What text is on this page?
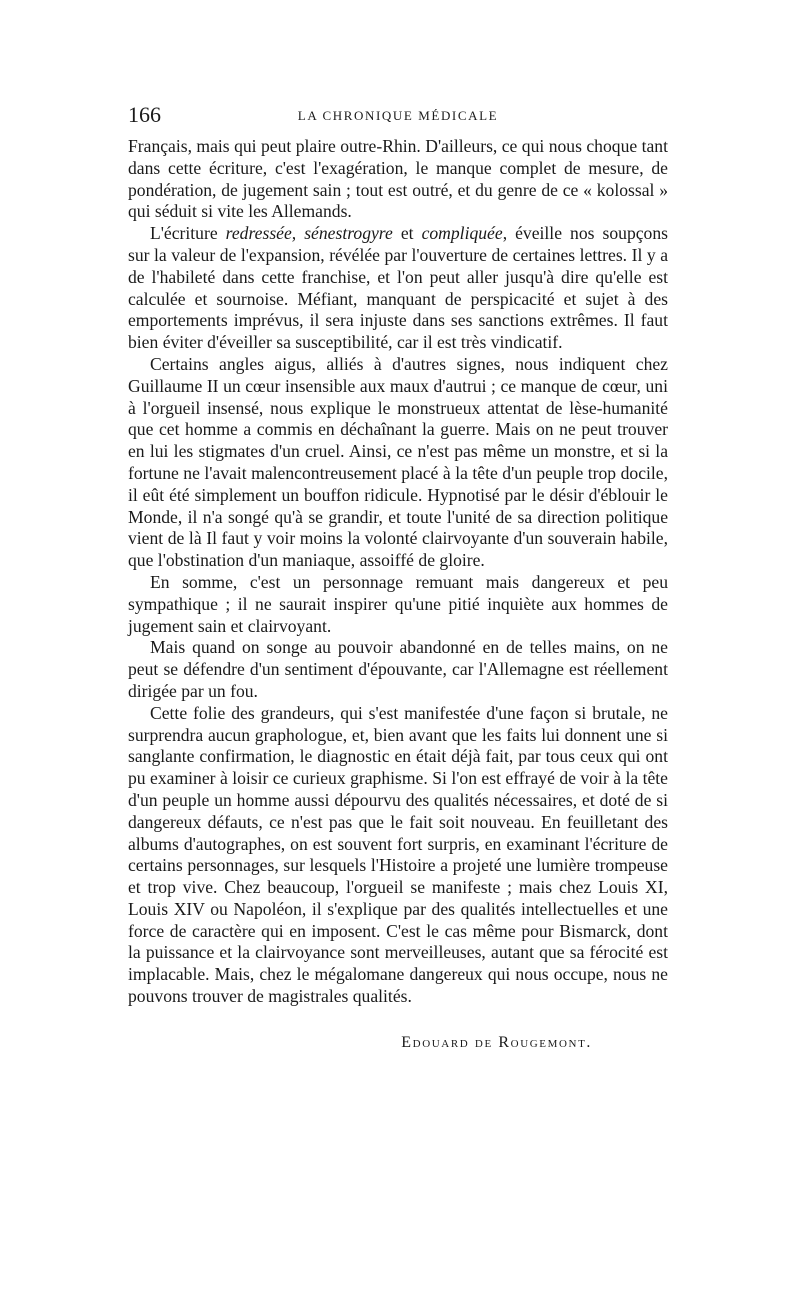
166	LA CHRONIQUE MÉDICALE

Français, mais qui peut plaire outre-Rhin. D'ailleurs, ce qui nous choque tant dans cette écriture, c'est l'exagération, le manque complet de mesure, de pondération, de jugement sain ; tout est outré, et du genre de ce « kolossal » qui séduit si vite les Allemands.

L'écriture redressée, sénestrogyre et compliquée, éveille nos soupçons sur la valeur de l'expansion, révélée par l'ouverture de certaines lettres. Il y a de l'habileté dans cette franchise, et l'on peut aller jusqu'à dire qu'elle est calculée et sournoise. Méfiant, manquant de perspicacité et sujet à des emportements imprévus, il sera injuste dans ses sanctions extrêmes. Il faut bien éviter d'éveiller sa susceptibilité, car il est très vindicatif.

Certains angles aigus, alliés à d'autres signes, nous indiquent chez Guillaume II un cœur insensible aux maux d'autrui ; ce manque de cœur, uni à l'orgueil insensé, nous explique le monstrueux attentat de lèse-humanité que cet homme a commis en déchaînant la guerre. Mais on ne peut trouver en lui les stigmates d'un cruel. Ainsi, ce n'est pas même un monstre, et si la fortune ne l'avait malencontreusement placé à la tête d'un peuple trop docile, il eût été simplement un bouffon ridicule. Hypnotisé par le désir d'éblouir le Monde, il n'a songé qu'à se grandir, et toute l'unité de sa direction politique vient de là Il faut y voir moins la volonté clairvoyante d'un souverain habile, que l'obstination d'un maniaque, assoiffé de gloire.

En somme, c'est un personnage remuant mais dangereux et peu sympathique ; il ne saurait inspirer qu'une pitié inquiète aux hommes de jugement sain et clairvoyant.

Mais quand on songe au pouvoir abandonné en de telles mains, on ne peut se défendre d'un sentiment d'épouvante, car l'Allemagne est réellement dirigée par un fou.

Cette folie des grandeurs, qui s'est manifestée d'une façon si brutale, ne surprendra aucun graphologue, et, bien avant que les faits lui donnent une si sanglante confirmation, le diagnostic en était déjà fait, par tous ceux qui ont pu examiner à loisir ce curieux graphisme. Si l'on est effrayé de voir à la tête d'un peuple un homme aussi dépourvu des qualités nécessaires, et doté de si dangereux défauts, ce n'est pas que le fait soit nouveau. En feuilletant des albums d'autographes, on est souvent fort surpris, en examinant l'écriture de certains personnages, sur lesquels l'Histoire a projeté une lumière trompeuse et trop vive. Chez beaucoup, l'orgueil se manifeste ; mais chez Louis XI, Louis XIV ou Napoléon, il s'explique par des qualités intellectuelles et une force de caractère qui en imposent. C'est le cas même pour Bismarck, dont la puissance et la clairvoyance sont merveilleuses, autant que sa férocité est implacable. Mais, chez le mégalomane dangereux qui nous occupe, nous ne pouvons trouver de magistrales qualités.

Edouard de Rougemont.
